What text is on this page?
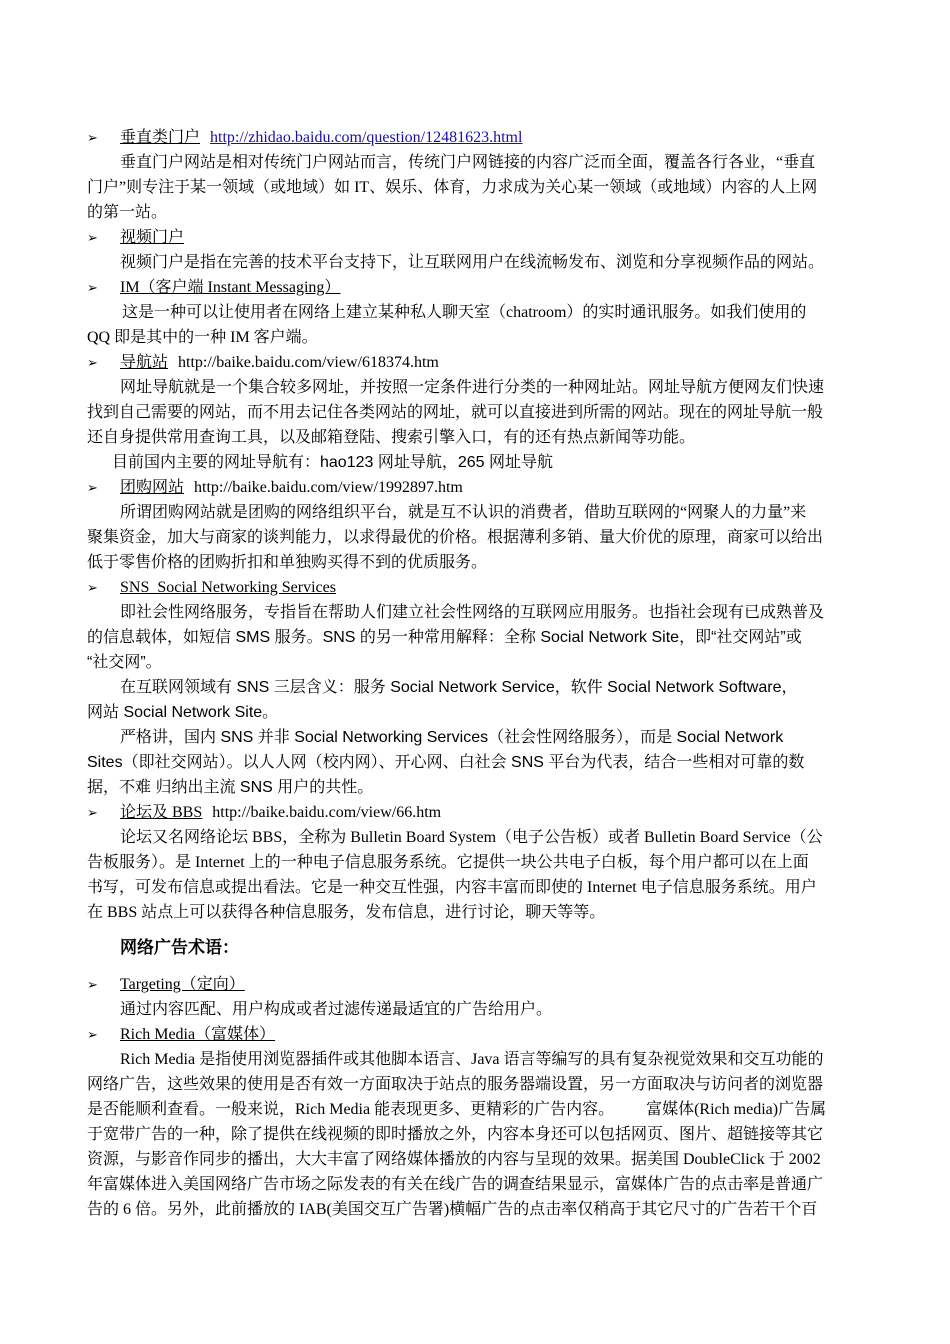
➢ 垂直类门户 http://zhidao.baidu.com/question/12481623.html
垂直门户网站是相对传统门户网站而言，传统门户网链接的内容广泛而全面，覆盖各行各业，“垂直
门户”则专注于某一领域（或地域）如 IT、娱乐、体育，力求成为关心某一领域（或地域）内容的人上网
的第一站。
➢ 视频门户
视频门户是指在完善的技术平台支持下，让互联网用户在线流畅发布、浏览和分享视频作品的网站。
➢ IM（客户端 Instant Messaging）
这是一种可以让使用者在网络上建立某种私人聊天室（chatroom）的实时通讯服务。如我们使用的
QQ 即是其中的一种 IM 客户端。
➢ 导航站 http://baike.baidu.com/view/618374.htm
网址导航就是一个集合较多网址，并按照一定条件进行分类的一种网址站。网址导航方便网友们快速
找到自己需要的网站，而不用去记住各类网站的网址，就可以直接进到所需的网站。现在的网址导航一般
还自身提供常用查询工具，以及邮箱登陆、搜索引擎入口，有的还有热点新闻等功能。
目前国内主要的网址导航有：hao123 网址导航，265 网址导航
➢ 团购网站 http://baike.baidu.com/view/1992897.htm
所谓团购网站就是团购的网络组织平台，就是互不认识的消费者，借助互联网的“网聚人的力量”来
聚集资金，加大与商家的谈判能力，以求得最优的价格。根据薄利多销、量大价优的原理，商家可以给出
低于零售价格的团购折扣和单独购买得不到的优质服务。
➢ SNS  Social Networking Services
即社会性网络服务，专指旨在帮助人们建立社会性网络的互联网应用服务。也指社会现有已成熟普及
的信息载体，如短信 SMS 服务。SNS 的另一种常用解释：全称 Social Network Site，即“社交网站”或
“社交网”。
在互联网领域有 SNS 三层含义：服务 Social Network Service，软件 Social Network Software，
网站 Social Network Site。
严格讲，国内 SNS 并非 Social Networking Services（社会性网络服务），而是 Social Network
Sites（即社交网站）。以人人网（校内网）、开心网、白社会 SNS 平台为代表，结合一些相对可靠的数
据，不难 归纳出主流 SNS 用户的共性。
➢ 论坛及 BBS http://baike.baidu.com/view/66.htm
论坛又名网络论坛 BBS，全称为 Bulletin Board System（电子公告板）或者 Bulletin Board Service（公
告板服务）。是 Internet 上的一种电子信息服务系统。它提供一块公共电子白板，每个用户都可以在上面
书写，可发布信息或提出看法。它是一种交互性强，内容丰富而即使的 Internet 电子信息服务系统。用户
在 BBS 站点上可以获得各种信息服务，发布信息，进行讨论，聊天等等。
网络广告术语：
➢ Targeting（定向）
通过内容匹配、用户构成或者过滤传递最适宜的广告给用户。
➢ Rich Media（富媒体）
Rich Media 是指使用浏览器插件或其他脚本语言、Java 语言等编写的具有复杂视觉效果和交互功能的
网络广告，这些效果的使用是否有效一方面取决于站点的服务器端设置，另一方面取决与访问者的浏览器
是否能顺利查看。一般来说，Rich Media 能表现更多、更精彩的广告内容。        富媒体(Rich media)广告属
于宽带广告的一种，除了提供在线视频的即时播放之外，内容本身还可以包括网页、图片、超链接等其它
资源，与影音作同步的播出，大大丰富了网络媒体播放的内容与呈现的效果。据美国 DoubleClick 于 2002
年富媒体进入美国网络广告市场之际发表的有关在线广告的调查结果显示，富媒体广告的点击率是普通广
告的 6 倍。另外，此前播放的 IAB(美国交互广告署)横幅广告的点击率仅稍高于其它尺寸的广告若干个百
